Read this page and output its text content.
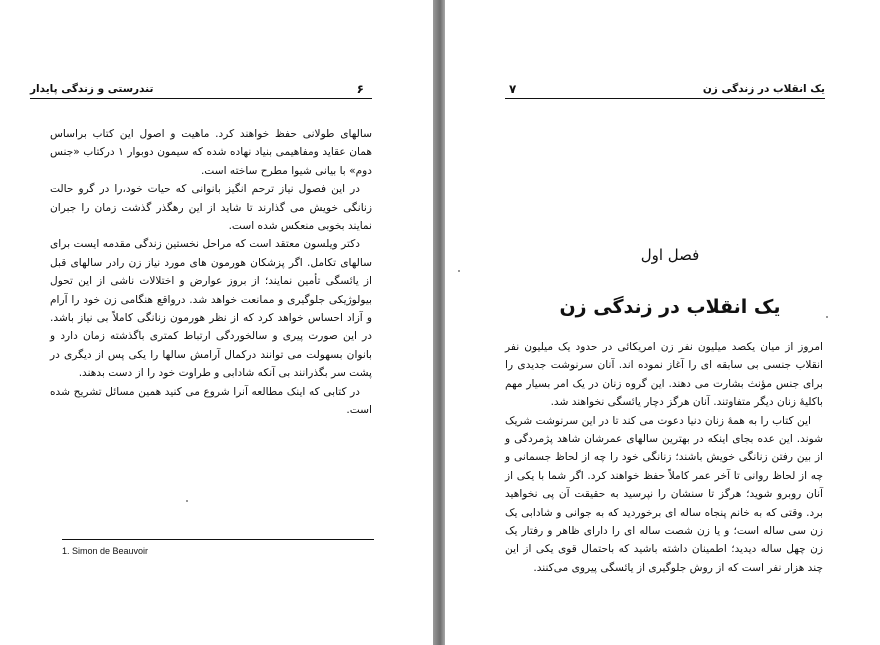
۶
تندرستی و زندگی پایدار

سالهای طولانی حفظ خواهند کرد. ماهیت و اصول این کتاب براساس همان عقاید ومفاهیمی بنیاد نهاده شده که سیمون دوبوار ۱ درکتاب «جنس دوم» با بیانی شیوا مطرح ساخته است.

در این فصول نیاز ترحم انگیز بانوانی که حیات خود،را در گرو حالت زنانگی خویش می گذارند تا شاید از این رهگذر گذشت زمان را جبران نمایند بخوبی منعکس شده است.

دکتر ویلسون معتقد است که مراحل نخستین زندگی مقدمه ایست برای سالهای تکامل. اگر پزشکان هورمون های مورد نیاز زن رادر سالهای قبل از یائسگی تأمین نمایند؛ از بروز عوارض و اختلالات ناشی از این تحول بیولوژیکی جلوگیری و ممانعت خواهد شد. درواقع هنگامی زن خود را آرام و آزاد احساس خواهد کرد که از نظر هورمون زنانگی کاملاً بی نیاز باشد. در این صورت پیری و سالخوردگی ارتباط کمتری باگذشته زمان دارد و بانوان بسهولت می توانند درکمال آرامش سالها را یکی پس از دیگری در پشت سر بگذرانند بی آنکه شادابی و طراوت خود را از دست بدهند.

در کتابی که اینک مطالعه آنرا شروع می کنید همین مسائل تشریح شده است.

1. Simon de Beauvoir
یک انقلاب در زندگی زن
۷
فصل اول
یک انقلاب در زندگی زن

امروز از میان یکصد میلیون نفر زن امریکائی در حدود یک میلیون نفر انقلاب جنسی بی سابقه ای را آغاز نموده اند. آنان سرنوشت جدیدی را برای جنس مؤنث بشارت می دهند. این گروه زنان در یک امر بسیار مهم باکلیهٔ زنان دیگر متفاوتند. آنان هرگز دچار یائسگی نخواهند شد.

این کتاب را به همهٔ زنان دنیا دعوت می کند تا در این سرنوشت شریک شوند. این عده بجای اینکه در بهترین سالهای عمرشان شاهد پژمردگی و از بین رفتن زنانگی خویش باشند؛ زنانگی خود را چه از لحاظ جسمانی و چه از لحاظ روانی تا آخر عمر کاملاً حفظ خواهند کرد. اگر شما با یکی از آنان روبرو شوید؛ هرگز تا سنشان را نپرسید به حقیقت آن پی نخواهید برد. وقتی که به خانم پنجاه ساله ای برخوردید که به جوانی و شادابی یک زن سی ساله است؛ و یا زن شصت ساله ای را دارای ظاهر و رفتار یک زن چهل ساله دیدید؛ اطمینان داشته باشید که باحتمال قوی یکی از این چند هزار نفر است که از روش جلوگیری از یائسگی پیروی می‌کنند.
